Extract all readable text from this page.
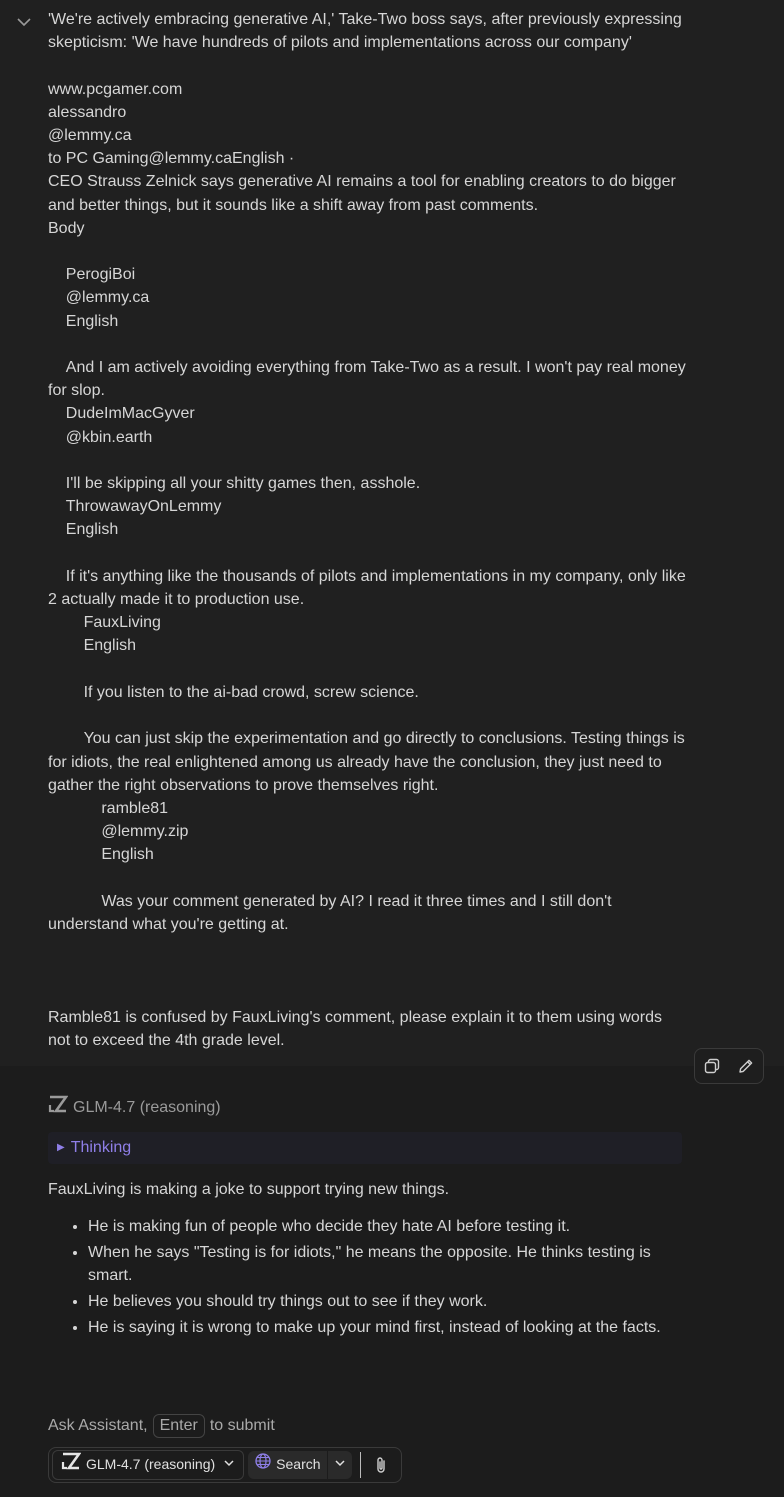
'We're actively embracing generative AI,' Take-Two boss says, after previously expressing skepticism: 'We have hundreds of pilots and implementations across our company'

www.pcgamer.com
alessandro
@lemmy.ca
to PC Gaming@lemmy.caEnglish ·
CEO Strauss Zelnick says generative AI remains a tool for enabling creators to do bigger and better things, but it sounds like a shift away from past comments.
Body

PerogiBoi
@lemmy.ca
English

And I am actively avoiding everything from Take-Two as a result. I won't pay real money for slop.
DudeImMacGyver
@kbin.earth

I'll be skipping all your shitty games then, asshole.
ThrowawayOnLemmy
English

If it's anything like the thousands of pilots and implementations in my company, only like 2 actually made it to production use.
FauxLiving
English

If you listen to the ai-bad crowd, screw science.

You can just skip the experimentation and go directly to conclusions. Testing things is for idiots, the real enlightened among us already have the conclusion, they just need to gather the right observations to prove themselves right.
ramble81
@lemmy.zip
English

Was your comment generated by AI? I read it three times and I still don't understand what you're getting at.

Ramble81 is confused by FauxLiving's comment, please explain it to them using words not to exceed the 4th grade level.
GLM-4.7 (reasoning)
▶ Thinking
FauxLiving is making a joke to support trying new things.
• He is making fun of people who decide they hate AI before testing it.
• When he says "Testing is for idiots," he means the opposite. He thinks testing is smart.
• He believes you should try things out to see if they work.
• He is saying it is wrong to make up your mind first, instead of looking at the facts.
Ask Assistant, Enter to submit
GLM-4.7 (reasoning)	Search
